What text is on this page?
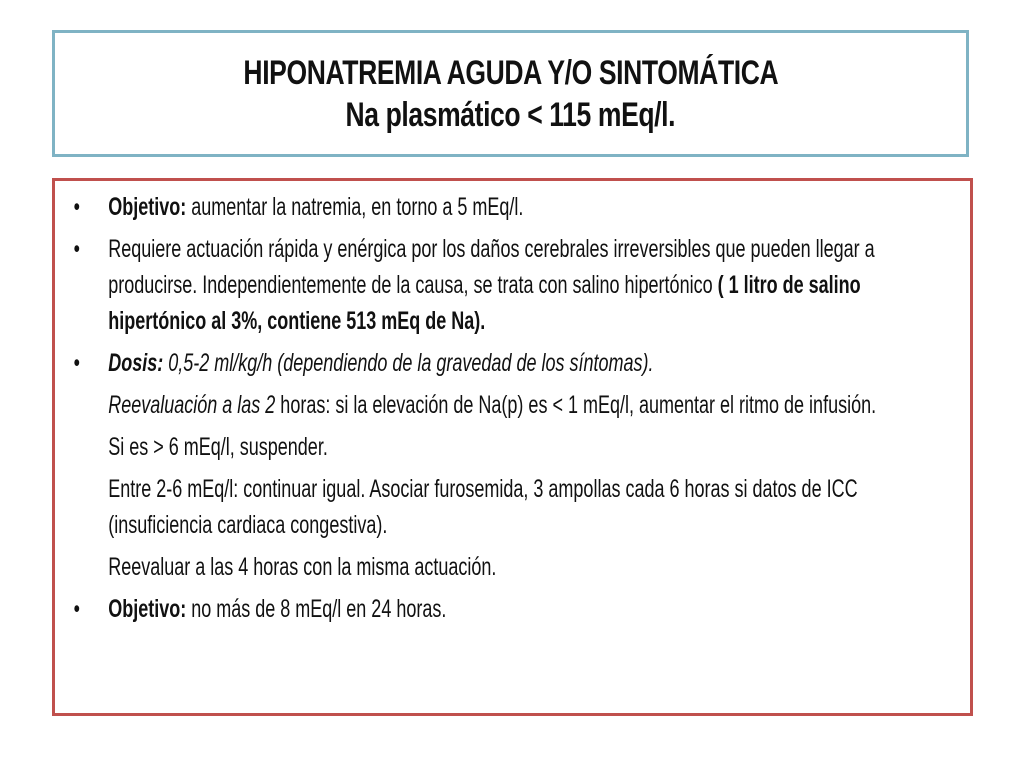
HIPONATREMIA AGUDA Y/O SINTOMÁTICA
Na plasmático < 115 mEq/l.
• Objetivo: aumentar la natremia, en torno a 5 mEq/l.
• Requiere actuación rápida y enérgica por los daños cerebrales irreversibles que pueden llegar a producirse. Independientemente de la causa, se trata con salino hipertónico ( 1 litro de salino hipertónico al 3%, contiene 513 mEq de Na).
• Dosis: 0,5-2 ml/kg/h (dependiendo de la gravedad de los síntomas).
Reevaluación a las 2 horas: si la elevación de Na(p) es < 1 mEq/l, aumentar el ritmo de infusión.
Si es > 6 mEq/l, suspender.
Entre 2-6 mEq/l: continuar igual. Asociar furosemida, 3 ampollas cada 6 horas si datos de ICC (insuficiencia cardiaca congestiva).
Reevaluar a las 4 horas con la misma actuación.
• Objetivo: no más de 8 mEq/l en 24 horas.
